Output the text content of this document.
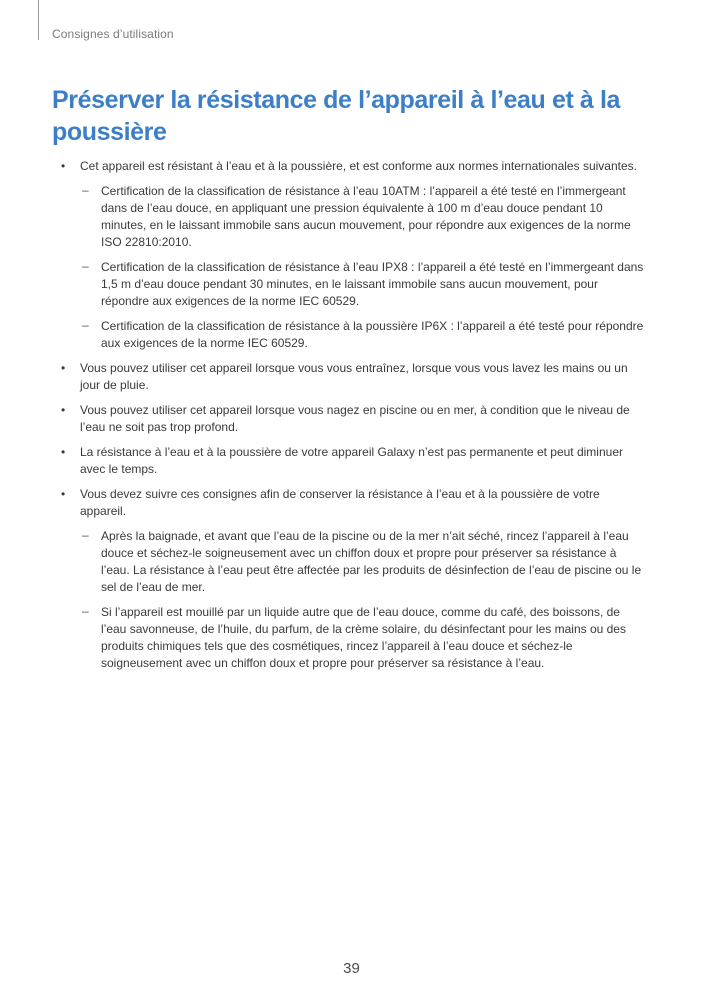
Consignes d’utilisation
Préserver la résistance de l’appareil à l’eau et à la poussière
• Cet appareil est résistant à l’eau et à la poussière, et est conforme aux normes internationales suivantes.
– Certification de la classification de résistance à l’eau 10ATM : l’appareil a été testé en l’immergeant dans de l’eau douce, en appliquant une pression équivalente à 100 m d’eau douce pendant 10 minutes, en le laissant immobile sans aucun mouvement, pour répondre aux exigences de la norme ISO 22810:2010.
– Certification de la classification de résistance à l’eau IPX8 : l’appareil a été testé en l’immergeant dans 1,5 m d’eau douce pendant 30 minutes, en le laissant immobile sans aucun mouvement, pour répondre aux exigences de la norme IEC 60529.
– Certification de la classification de résistance à la poussière IP6X : l’appareil a été testé pour répondre aux exigences de la norme IEC 60529.
• Vous pouvez utiliser cet appareil lorsque vous vous entraînez, lorsque vous vous lavez les mains ou un jour de pluie.
• Vous pouvez utiliser cet appareil lorsque vous nagez en piscine ou en mer, à condition que le niveau de l’eau ne soit pas trop profond.
• La résistance à l’eau et à la poussière de votre appareil Galaxy n’est pas permanente et peut diminuer avec le temps.
• Vous devez suivre ces consignes afin de conserver la résistance à l’eau et à la poussière de votre appareil.
– Après la baignade, et avant que l’eau de la piscine ou de la mer n’ait séché, rincez l’appareil à l’eau douce et séchez-le soigneusement avec un chiffon doux et propre pour préserver sa résistance à l’eau. La résistance à l’eau peut être affectée par les produits de désinfection de l’eau de piscine ou le sel de l’eau de mer.
– Si l’appareil est mouillé par un liquide autre que de l’eau douce, comme du café, des boissons, de l’eau savonneuse, de l’huile, du parfum, de la crème solaire, du désinfectant pour les mains ou des produits chimiques tels que des cosmétiques, rincez l’appareil à l’eau douce et séchez-le soigneusement avec un chiffon doux et propre pour préserver sa résistance à l’eau.
39
